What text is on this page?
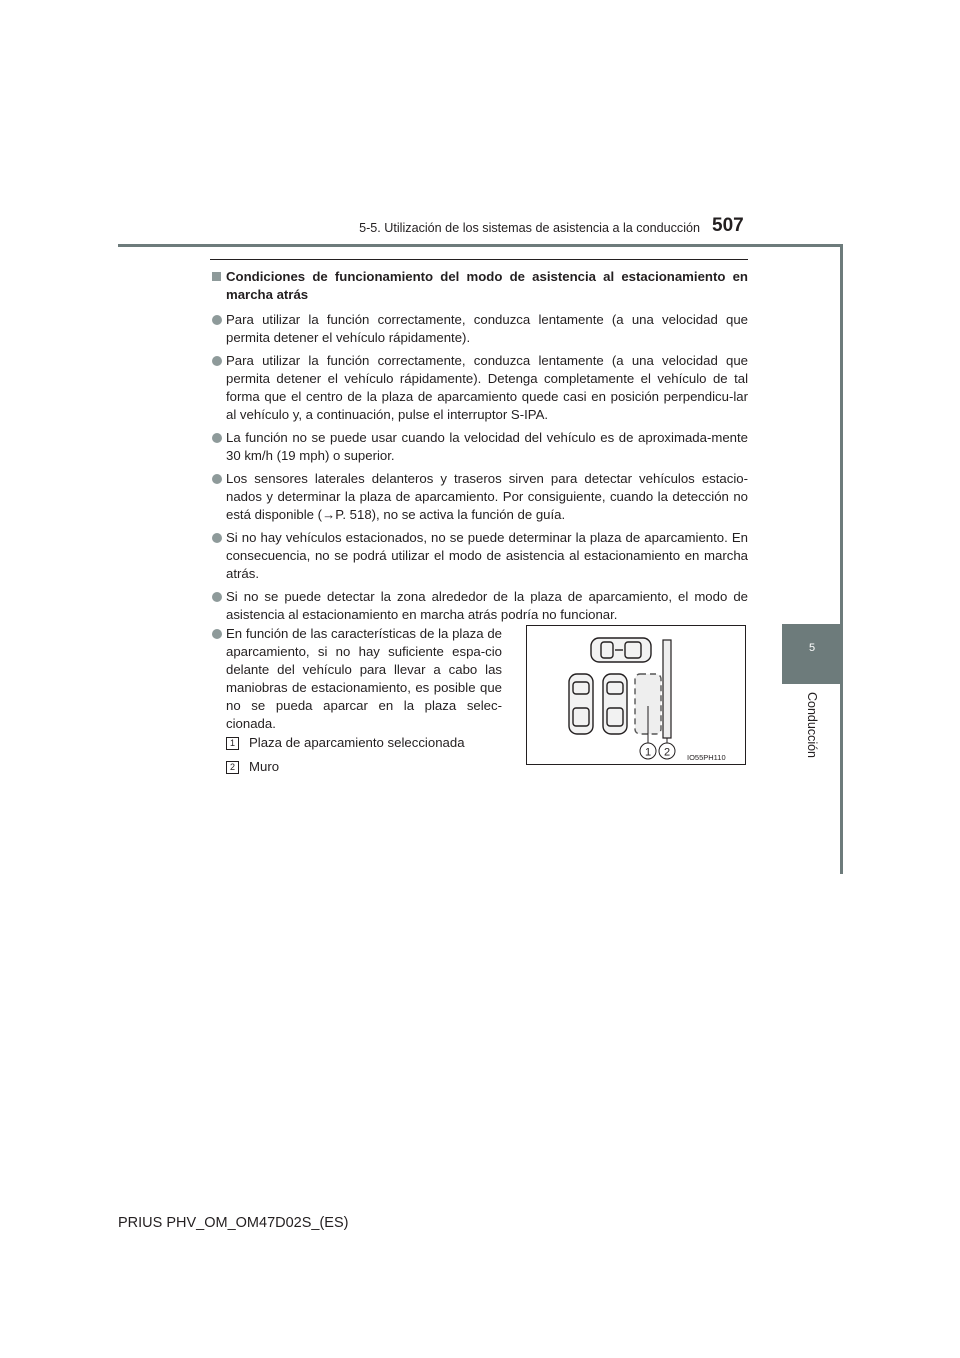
5-5. Utilización de los sistemas de asistencia a la conducción 507
5
Conducción
Condiciones de funcionamiento del modo de asistencia al estacionamiento en marcha atrás
Para utilizar la función correctamente, conduzca lentamente (a una velocidad que permita detener el vehículo rápidamente).
Para utilizar la función correctamente, conduzca lentamente (a una velocidad que permita detener el vehículo rápidamente). Detenga completamente el vehículo de tal forma que el centro de la plaza de aparcamiento quede casi en posición perpendicu-lar al vehículo y, a continuación, pulse el interruptor S-IPA.
La función no se puede usar cuando la velocidad del vehículo es de aproximada-mente 30 km/h (19 mph) o superior.
Los sensores laterales delanteros y traseros sirven para detectar vehículos estacio-nados y determinar la plaza de aparcamiento. Por consiguiente, cuando la detección no está disponible (→P. 518), no se activa la función de guía.
Si no hay vehículos estacionados, no se puede determinar la plaza de aparcamiento. En consecuencia, no se podrá utilizar el modo de asistencia al estacionamiento en marcha atrás.
Si no se puede detectar la zona alrededor de la plaza de aparcamiento, el modo de asistencia al estacionamiento en marcha atrás podría no funcionar.
En función de las características de la plaza de aparcamiento, si no hay suficiente espa-cio delante del vehículo para llevar a cabo las maniobras de estacionamiento, es posible que no se pueda aparcar en la plaza selec-cionada.
1 Plaza de aparcamiento seleccionada
2 Muro
1 2 IO55PH110
PRIUS PHV_OM_OM47D02S_(ES)
